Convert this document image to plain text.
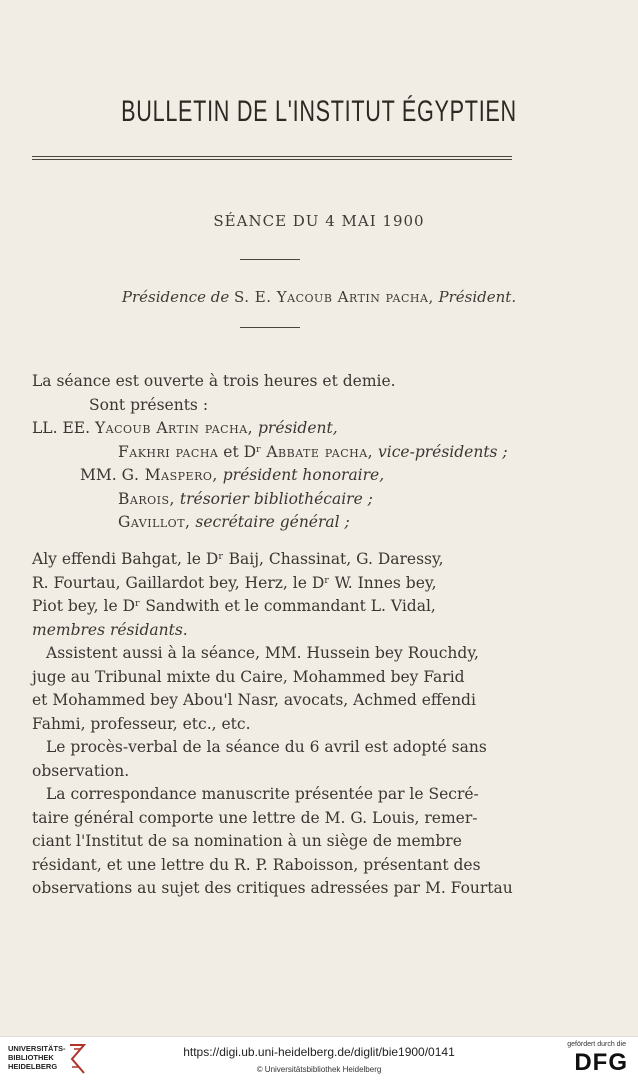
BULLETIN DE L'INSTITUT ÉGYPTIEN
SÉANCE DU 4 MAI 1900
Présidence de S. E. Yacoub Artin pacha, Président.
La séance est ouverte à trois heures et demie.
Sont présents :
LL. EE. Yacoub Artin pacha, président,
Fakhri pacha et Dʳ Abbate pacha, vice-présidents ;
MM. G. Maspero, président honoraire,
Barois, trésorier bibliothécaire ;
Gavillot, secrétaire général ;
Aly effendi Bahgat, le Dʳ Baij, Chassinat, G. Daressy,
R. Fourtau, Gaillardot bey, Herz, le Dʳ W. Innes bey,
Piot bey, le Dʳ Sandwith et le commandant L. Vidal,
membres résidants.
Assistent aussi à la séance, MM. Hussein bey Rouchdy,
juge au Tribunal mixte du Caire, Mohammed bey Farid
et Mohammed bey Abou'l Nasr, avocats, Achmed effendi
Fahmi, professeur, etc., etc.
Le procès-verbal de la séance du 6 avril est adopté sans
observation.
La correspondance manuscrite présentée par le Secré-
taire général comporte une lettre de M. G. Louis, remer-
ciant l'Institut de sa nomination à un siège de membre
résidant, et une lettre du R. P. Raboisson, présentant des
observations au sujet des critiques adressées par M. Fourtau
UNIVERSITÄTS-
BIBLIOTHEK
HEIDELBERG
https://digi.ub.uni-heidelberg.de/diglit/bie1900/0141
© Universitätsbibliothek Heidelberg
gefördert durch die
DFG
